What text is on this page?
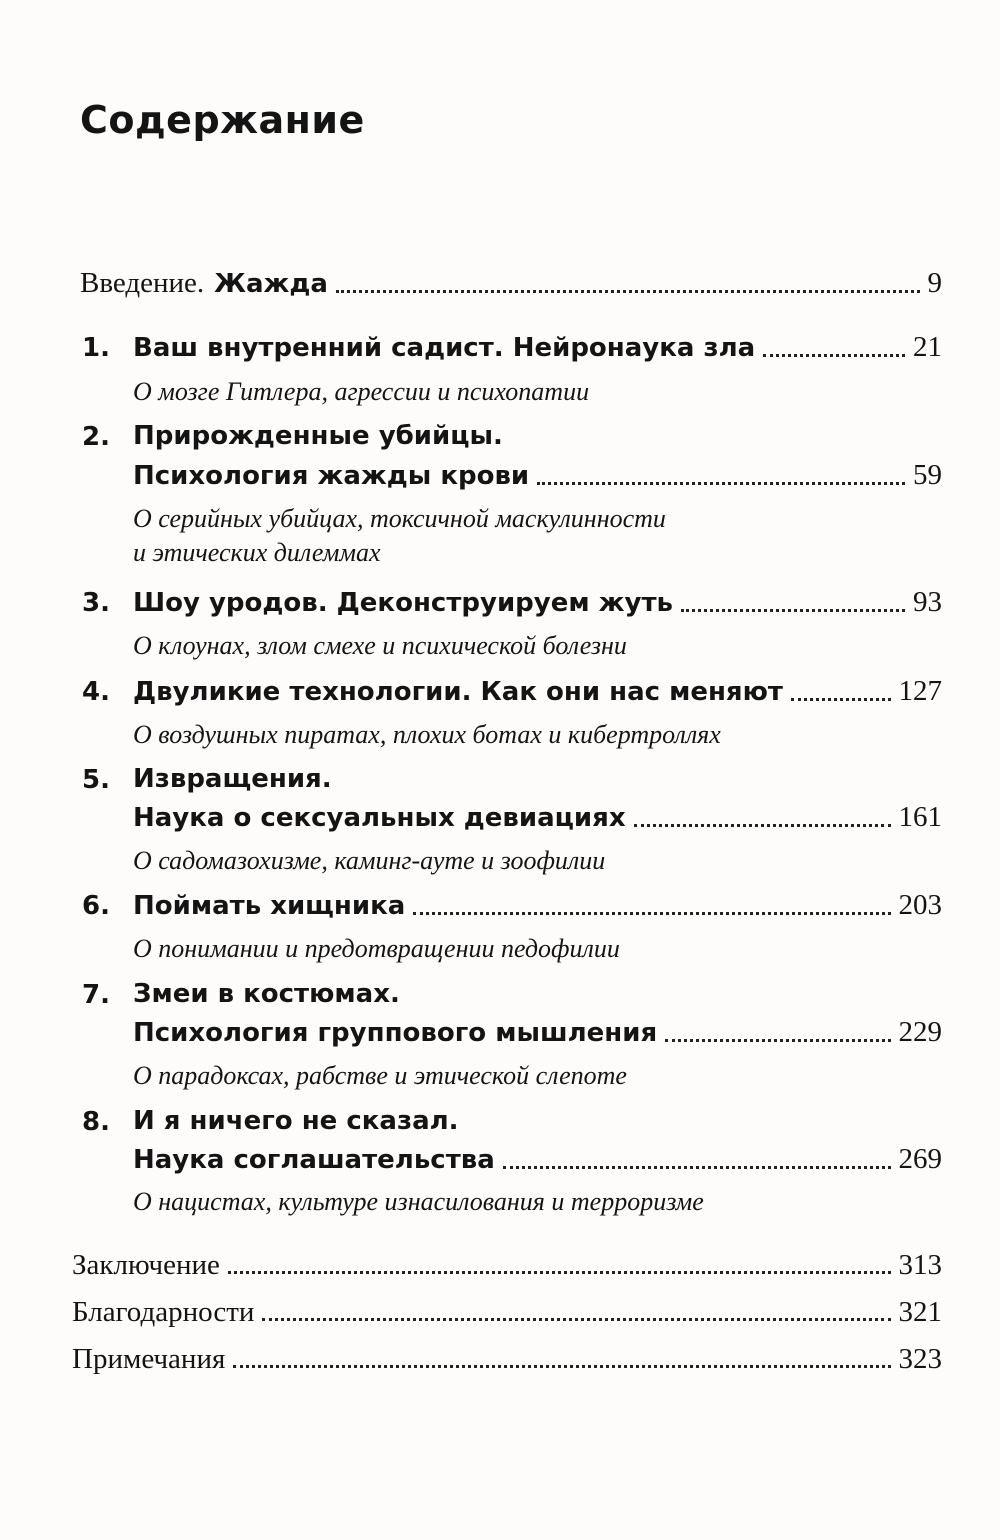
Содержание
Введение. Жажда	9
1. Ваш внутренний садист. Нейронаука зла	21
О мозге Гитлера, агрессии и психопатии
2. Прирожденные убийцы.
Психология жажды крови	59
О серийных убийцах, токсичной маскулинности
и этических дилеммах
3. Шоу уродов. Деконструируем жуть	93
О клоунах, злом смехе и психической болезни
4. Двуликие технологии. Как они нас меняют	127
О воздушных пиратах, плохих ботах и кибертроллях
5. Извращения.
Наука о сексуальных девиациях	161
О садомазохизме, каминг-ауте и зоофилии
6. Поймать хищника	203
О понимании и предотвращении педофилии
7. Змеи в костюмах.
Психология группового мышления	229
О парадоксах, рабстве и этической слепоте
8. И я ничего не сказал.
Наука соглашательства	269
О нацистах, культуре изнасилования и терроризме
Заключение	313
Благодарности	321
Примечания	323
